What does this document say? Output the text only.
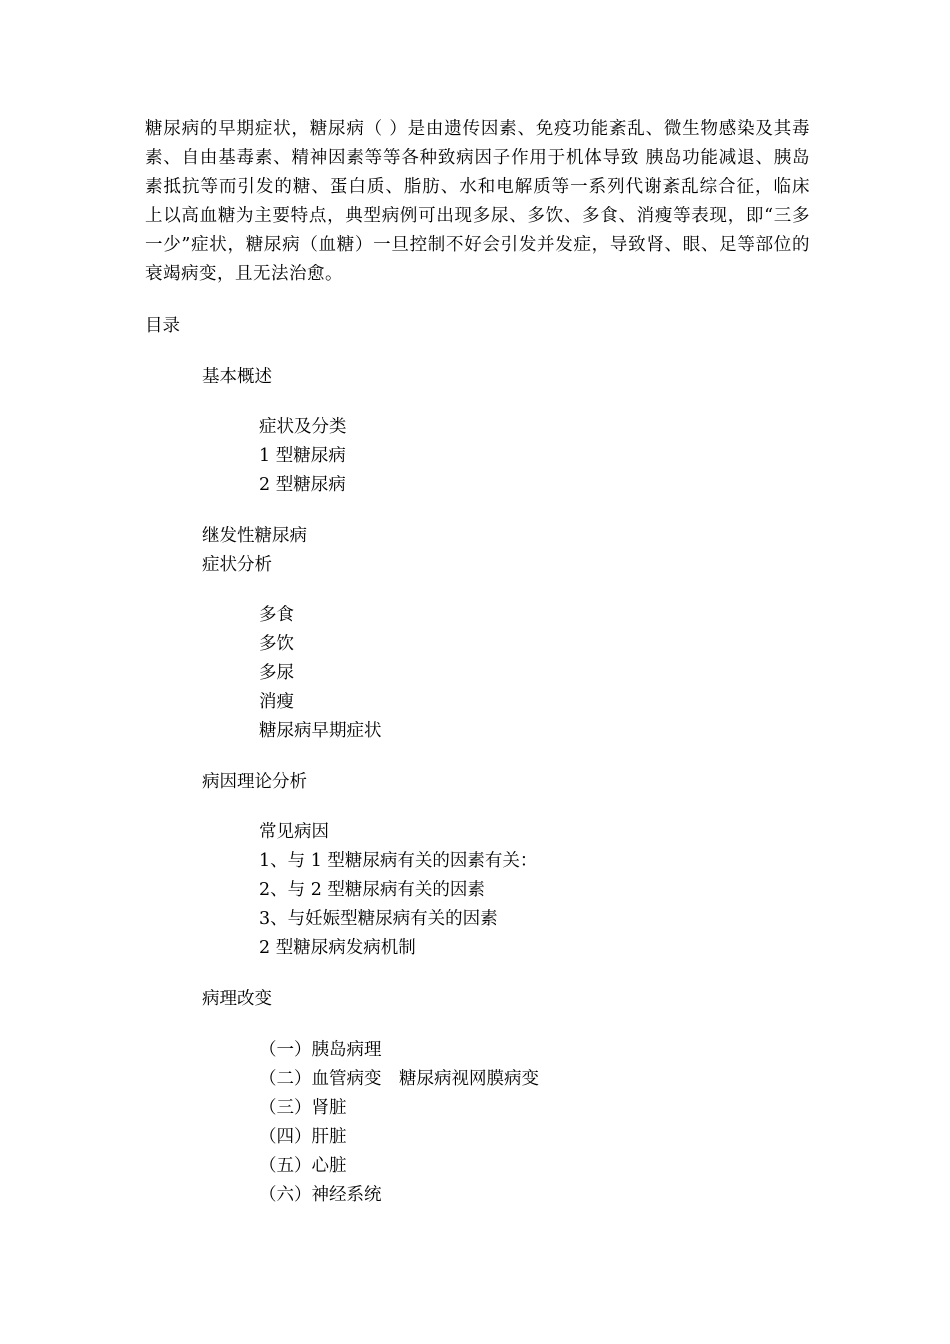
糖尿病的早期症状，糖尿病（ ）是由遗传因素、免疫功能紊乱、微生物感染及其毒素、自由基毒素、精神因素等等各种致病因子作用于机体导致 胰岛功能减退、胰岛素抵抗等而引发的糖、蛋白质、脂肪、水和电解质等一系列代谢紊乱综合征，临床上以高血糖为主要特点，典型病例可出现多尿、多饮、多食、消瘦等表现，即“三多一少”症状，糖尿病（血糖）一旦控制不好会引发并发症，导致肾、眼、足等部位的衰竭病变，且无法治愈。

目录
基本概述
症状及分类
1 型糖尿病
2 型糖尿病
继发性糖尿病
症状分析
多食
多饮
多尿
消瘦
糖尿病早期症状
病因理论分析
常见病因
1、与 1 型糖尿病有关的因素有关：
2、与 2 型糖尿病有关的因素
3、与妊娠型糖尿病有关的因素
2 型糖尿病发病机制
病理改变
（一）胰岛病理
（二）血管病变　糖尿病视网膜病变
（三）肾脏
（四）肝脏
（五）心脏
（六）神经系统
